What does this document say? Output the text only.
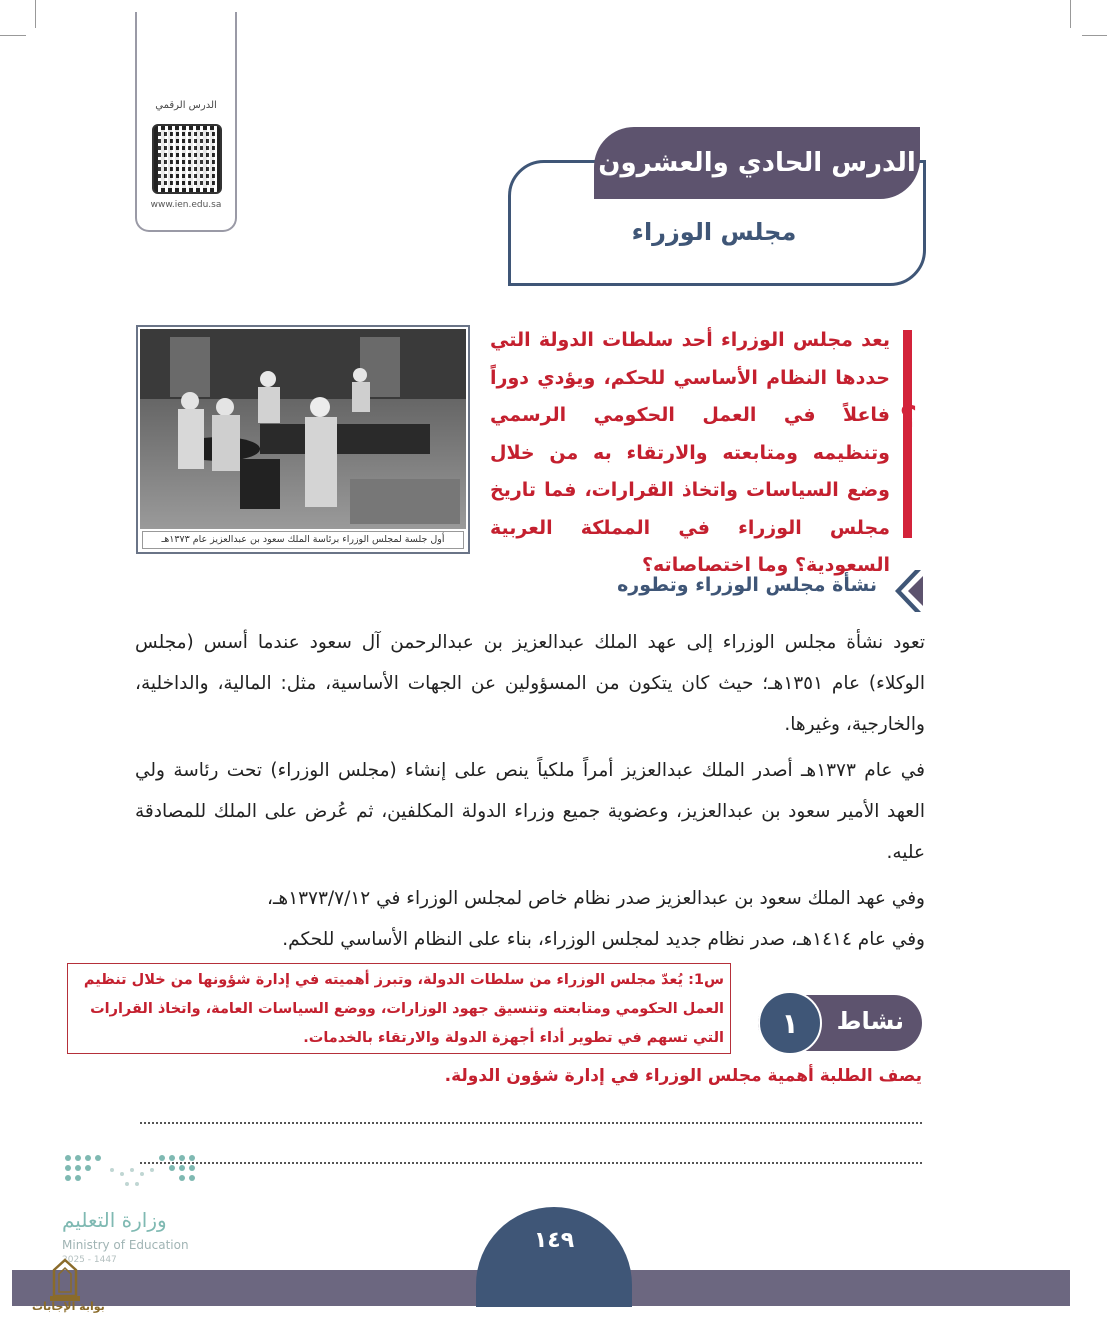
الدرس الرقمي
www.ien.edu.sa
الدرس الحادي والعشرون
مجلس الوزراء
أول جلسة لمجلس الوزراء برئاسة الملك سعود بن عبدالعزيز عام ١٣٧٣هـ
؟
يعد مجلس الوزراء أحد سلطات الدولة التي حددها النظام الأساسي للحكم، ويؤدي دوراً فاعلاً في العمل الحكومي الرسمي وتنظيمه ومتابعته والارتقاء به من خلال وضع السياسات واتخاذ القرارات، فما تاريخ مجلس الوزراء في المملكة العربية السعودية؟ وما اختصاصاته؟
نشأة مجلس الوزراء وتطوره
تعود نشأة مجلس الوزراء إلى عهد الملك عبدالعزيز بن عبدالرحمن آل سعود عندما أسس (مجلس الوكلاء) عام ١٣٥١هـ؛ حيث كان يتكون من المسؤولين عن الجهات الأساسية، مثل: المالية، والداخلية، والخارجية، وغيرها.
في عام ١٣٧٣هـ أصدر الملك عبدالعزيز أمراً ملكياً ينص على إنشاء (مجلس الوزراء) تحت رئاسة ولي العهد الأمير سعود بن عبدالعزيز، وعضوية جميع وزراء الدولة المكلفين، ثم عُرض على الملك للمصادقة عليه.
وفي عهد الملك سعود بن عبدالعزيز صدر نظام خاص لمجلس الوزراء في ١٣٧٣/٧/١٢هـ،
وفي عام ١٤١٤هـ، صدر نظام جديد لمجلس الوزراء، بناء على النظام الأساسي للحكم.
س1: يُعدّ مجلس الوزراء من سلطات الدولة، وتبرز أهميته في إدارة شؤونها من خلال تنظيم العمل الحكومي ومتابعته وتنسيق جهود الوزارات، ووضع السياسات العامة، واتخاذ القرارات التي تسهم في تطوير أداء أجهزة الدولة والارتقاء بالخدمات.
نشاط
١
يصف الطلبة أهمية مجلس الوزراء في إدارة شؤون الدولة.
وزارة التعليم
Ministry of Education
2025 - 1447
١٤٩
بوابة الإجابات
